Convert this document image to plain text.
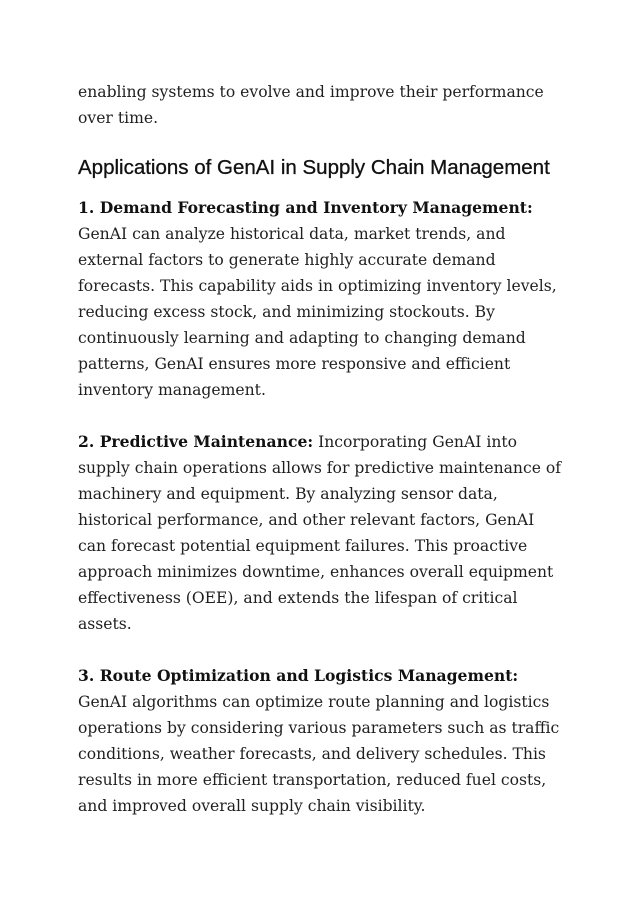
enabling systems to evolve and improve their performance over time.

Applications of GenAI in Supply Chain Management

1. Demand Forecasting and Inventory Management: GenAI can analyze historical data, market trends, and external factors to generate highly accurate demand forecasts. This capability aids in optimizing inventory levels, reducing excess stock, and minimizing stockouts. By continuously learning and adapting to changing demand patterns, GenAI ensures more responsive and efficient inventory management.

2. Predictive Maintenance: Incorporating GenAI into supply chain operations allows for predictive maintenance of machinery and equipment. By analyzing sensor data, historical performance, and other relevant factors, GenAI can forecast potential equipment failures. This proactive approach minimizes downtime, enhances overall equipment effectiveness (OEE), and extends the lifespan of critical assets.

3. Route Optimization and Logistics Management: GenAI algorithms can optimize route planning and logistics operations by considering various parameters such as traffic conditions, weather forecasts, and delivery schedules. This results in more efficient transportation, reduced fuel costs, and improved overall supply chain visibility.
